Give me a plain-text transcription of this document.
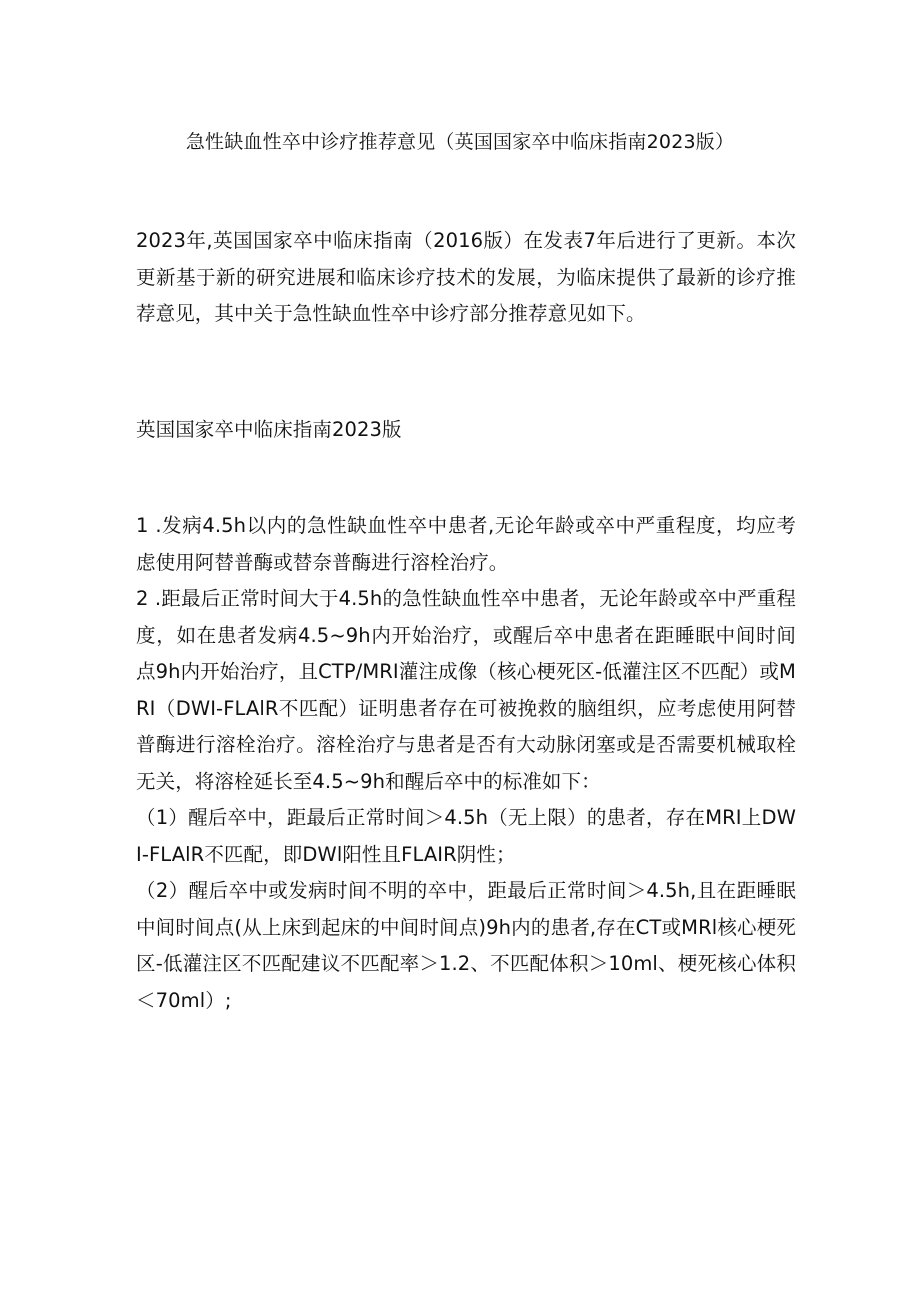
急性缺血性卒中诊疗推荐意见（英国国家卒中临床指南2023版）
2023年,英国国家卒中临床指南（2016版）在发表7年后进行了更新。本次更新基于新的研究进展和临床诊疗技术的发展，为临床提供了最新的诊疗推荐意见，其中关于急性缺血性卒中诊疗部分推荐意见如下。
英国国家卒中临床指南2023版

1 .发病4.5h以内的急性缺血性卒中患者,无论年龄或卒中严重程度，均应考虑使用阿替普酶或替奈普酶进行溶栓治疗。

2 .距最后正常时间大于4.5h的急性缺血性卒中患者，无论年龄或卒中严重程度，如在患者发病4.5~9h内开始治疗，或醒后卒中患者在距睡眠中间时间点9h内开始治疗，且CTP/MRI灌注成像（核心梗死区-低灌注区不匹配）或MRI（DWI-FLAlR不匹配）证明患者存在可被挽救的脑组织，应考虑使用阿替普酶进行溶栓治疗。溶栓治疗与患者是否有大动脉闭塞或是否需要机械取栓无关，将溶栓延长至4.5~9h和醒后卒中的标准如下：

（1）醒后卒中，距最后正常时间＞4.5h（无上限）的患者，存在MRI上DWI-FLAlR不匹配，即DWl阳性且FLAIR阴性；

（2）醒后卒中或发病时间不明的卒中，距最后正常时间＞4.5h,且在距睡眠中间时间点(从上床到起床的中间时间点)9h内的患者,存在CT或MRl核心梗死区-低灌注区不匹配建议不匹配率＞1.2、不匹配体积＞10ml、梗死核心体积＜70ml）;
